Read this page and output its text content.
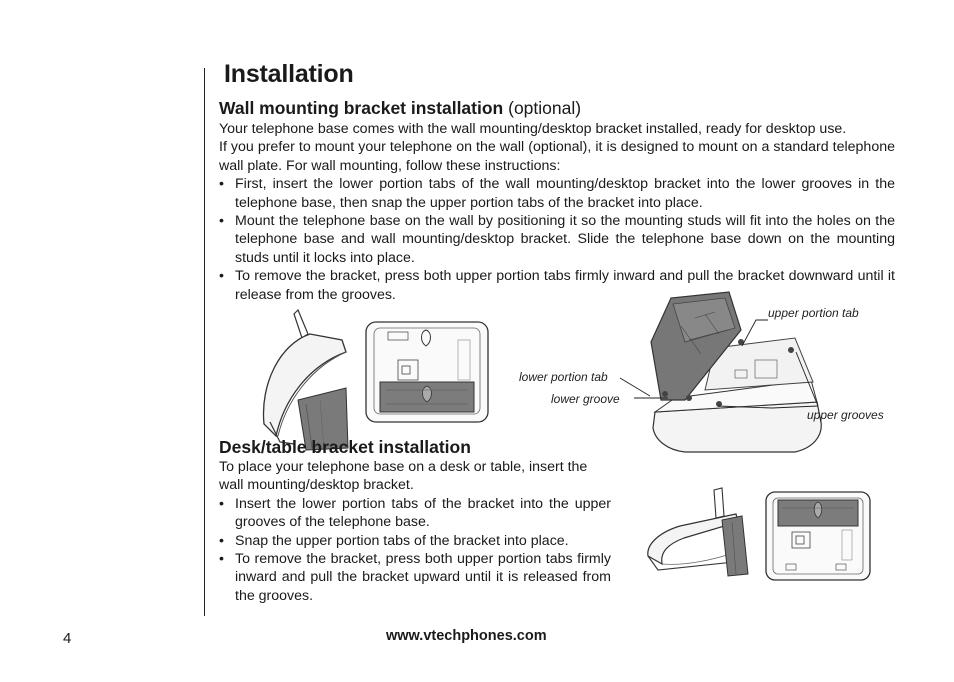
Installation
Wall mounting bracket installation (optional)

Your telephone base comes with the wall mounting/desktop bracket installed, ready for desktop use.

If you prefer to mount your telephone on the wall (optional), it is designed to mount on a standard telephone wall plate. For wall mounting, follow these instructions:

• First, insert the lower portion tabs of the wall mounting/desktop bracket into the lower grooves in the telephone base, then snap the upper portion tabs of the bracket into place.
• Mount the telephone base on the wall by positioning it so the mounting studs will fit into the holes on the telephone base and wall mounting/desktop bracket. Slide the telephone base down on the mounting studs until it locks into place.
• To remove the bracket, press both upper portion tabs firmly inward and pull the bracket downward until it release from the grooves.
upper portion tab
lower portion tab
lower groove
upper grooves
Desk/table bracket installation

To place your telephone base on a desk or table, insert the wall mounting/desktop bracket.

• Insert the lower portion tabs of the bracket into the upper grooves of the telephone base.
• Snap the upper portion tabs of the bracket into place.
• To remove the bracket, press both upper portion tabs firmly inward and pull the bracket upward until it is released from the grooves.
4	www.vtechphones.com
